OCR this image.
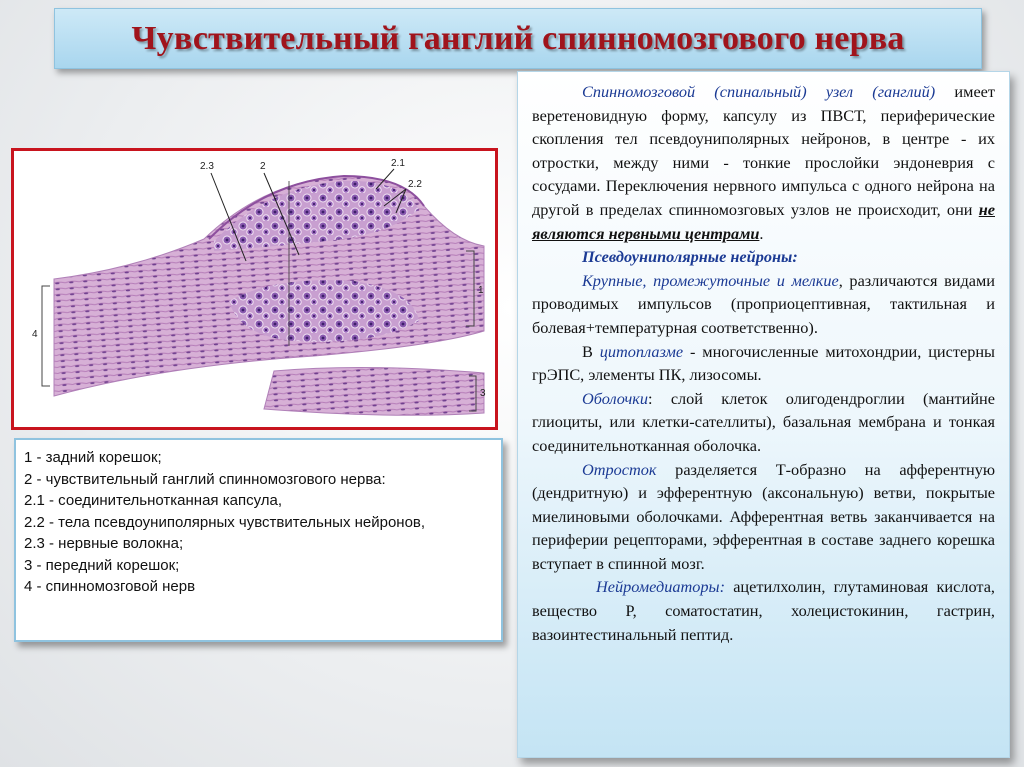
Чувствительный ганглий спинномозгового нерва
2.3	2	2.1
2.2
1
4
3
1 - задний корешок;
2 - чувствительный ганглий спинномозгового нерва:
2.1 - соединительнотканная капсула,
2.2 - тела псевдоуниполярных чувствительных нейронов,
2.3 - нервные волокна;
3 - передний корешок;
4 - спинномозговой нерв

Спинномозговой (спинальный) узел (ганглий) имеет веретеновидную форму, капсулу из ПВСТ, периферические скопления тел псевдоуниполярных нейронов, в центре - их отростки, между ними - тонкие прослойки эндоневрия с сосудами. Переключения нервного импульса с одного нейрона на другой в пределах спинномозговых узлов не происходит, они не являются нервными центрами.

Псевдоуниполярные нейроны:

Крупные, промежуточные и мелкие, различаются видами проводимых импульсов (проприоцептивная, тактильная и болевая+температурная соответственно).

В цитоплазме - многочисленные митохондрии, цистерны грЭПС, элементы ПК, лизосомы.

Оболочки: слой клеток олигодендроглии (мантийне глиоциты, или клетки-сателлиты), базальная мембрана и тонкая соединительнотканная оболочка.

Отросток разделяется Т-образно на афферентную (дендритную) и эфферентную (аксональную) ветви, покрытые миелиновыми оболочками. Афферентная ветвь заканчивается на периферии рецепторами, эфферентная в составе заднего корешка вступает в спинной мозг.

Нейромедиаторы: ацетилхолин, глутаминовая кислота, вещество Р, соматостатин, холецистокинин, гастрин, вазоинтестинальный пептид.
